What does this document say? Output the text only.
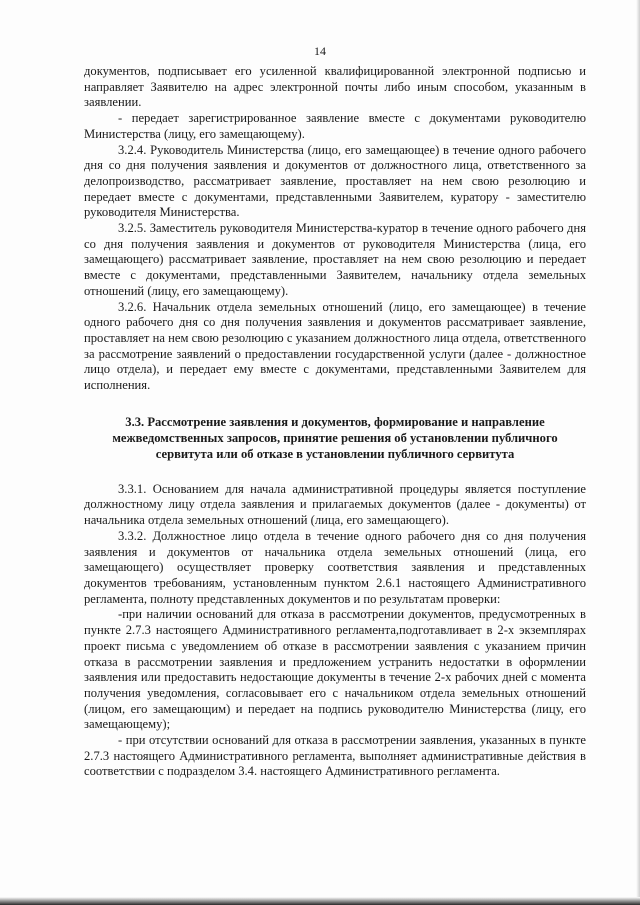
14

документов, подписывает его усиленной квалифицированной электронной подписью и направляет Заявителю на адрес электронной почты либо иным способом, указанным в заявлении.

- передает зарегистрированное заявление вместе с документами руководителю Министерства (лицу, его замещающему).

3.2.4. Руководитель Министерства (лицо, его замещающее) в течение одного рабочего дня со дня получения заявления и документов от должностного лица, ответственного за делопроизводство, рассматривает заявление, проставляет на нем свою резолюцию и передает вместе с документами, представленными Заявителем, куратору - заместителю руководителя Министерства.

3.2.5. Заместитель руководителя Министерства-куратор в течение одного рабочего дня со дня получения заявления и документов от руководителя Министерства (лица, его замещающего) рассматривает заявление, проставляет на нем свою резолюцию и передает вместе с документами, представленными Заявителем, начальнику отдела земельных отношений (лицу, его замещающему).

3.2.6. Начальник отдела земельных отношений (лицо, его замещающее) в течение одного рабочего дня со дня получения заявления и документов рассматривает заявление, проставляет на нем свою резолюцию с указанием должностного лица отдела, ответственного за рассмотрение заявлений о предоставлении государственной услуги (далее - должностное лицо отдела), и передает ему вместе с документами, представленными Заявителем для исполнения.

3.3. Рассмотрение заявления и документов, формирование и направление межведомственных запросов, принятие решения об установлении публичного сервитута или об отказе в установлении публичного сервитута

3.3.1. Основанием для начала административной процедуры является поступление должностному лицу отдела заявления и прилагаемых документов (далее - документы) от начальника отдела земельных отношений (лица, его замещающего).

3.3.2. Должностное лицо отдела в течение одного рабочего дня со дня получения заявления и документов от начальника отдела земельных отношений (лица, его замещающего) осуществляет проверку соответствия заявления и представленных документов требованиям, установленным пунктом 2.6.1 настоящего Административного регламента, полноту представленных документов и по результатам проверки:

-при наличии оснований для отказа в рассмотрении документов, предусмотренных в пункте 2.7.3 настоящего Административного регламента,подготавливает в 2-х экземплярах проект письма с уведомлением об отказе в рассмотрении заявления с указанием причин отказа в рассмотрении заявления и предложением устранить недостатки в оформлении заявления или предоставить недостающие документы в течение 2-х рабочих дней с момента получения уведомления, согласовывает его с начальником отдела земельных отношений (лицом, его замещающим) и передает на подпись руководителю Министерства (лицу, его замещающему);

- при отсутствии оснований для отказа в рассмотрении заявления, указанных в пункте 2.7.3 настоящего Административного регламента, выполняет административные действия в соответствии с подразделом 3.4. настоящего Административного регламента.
